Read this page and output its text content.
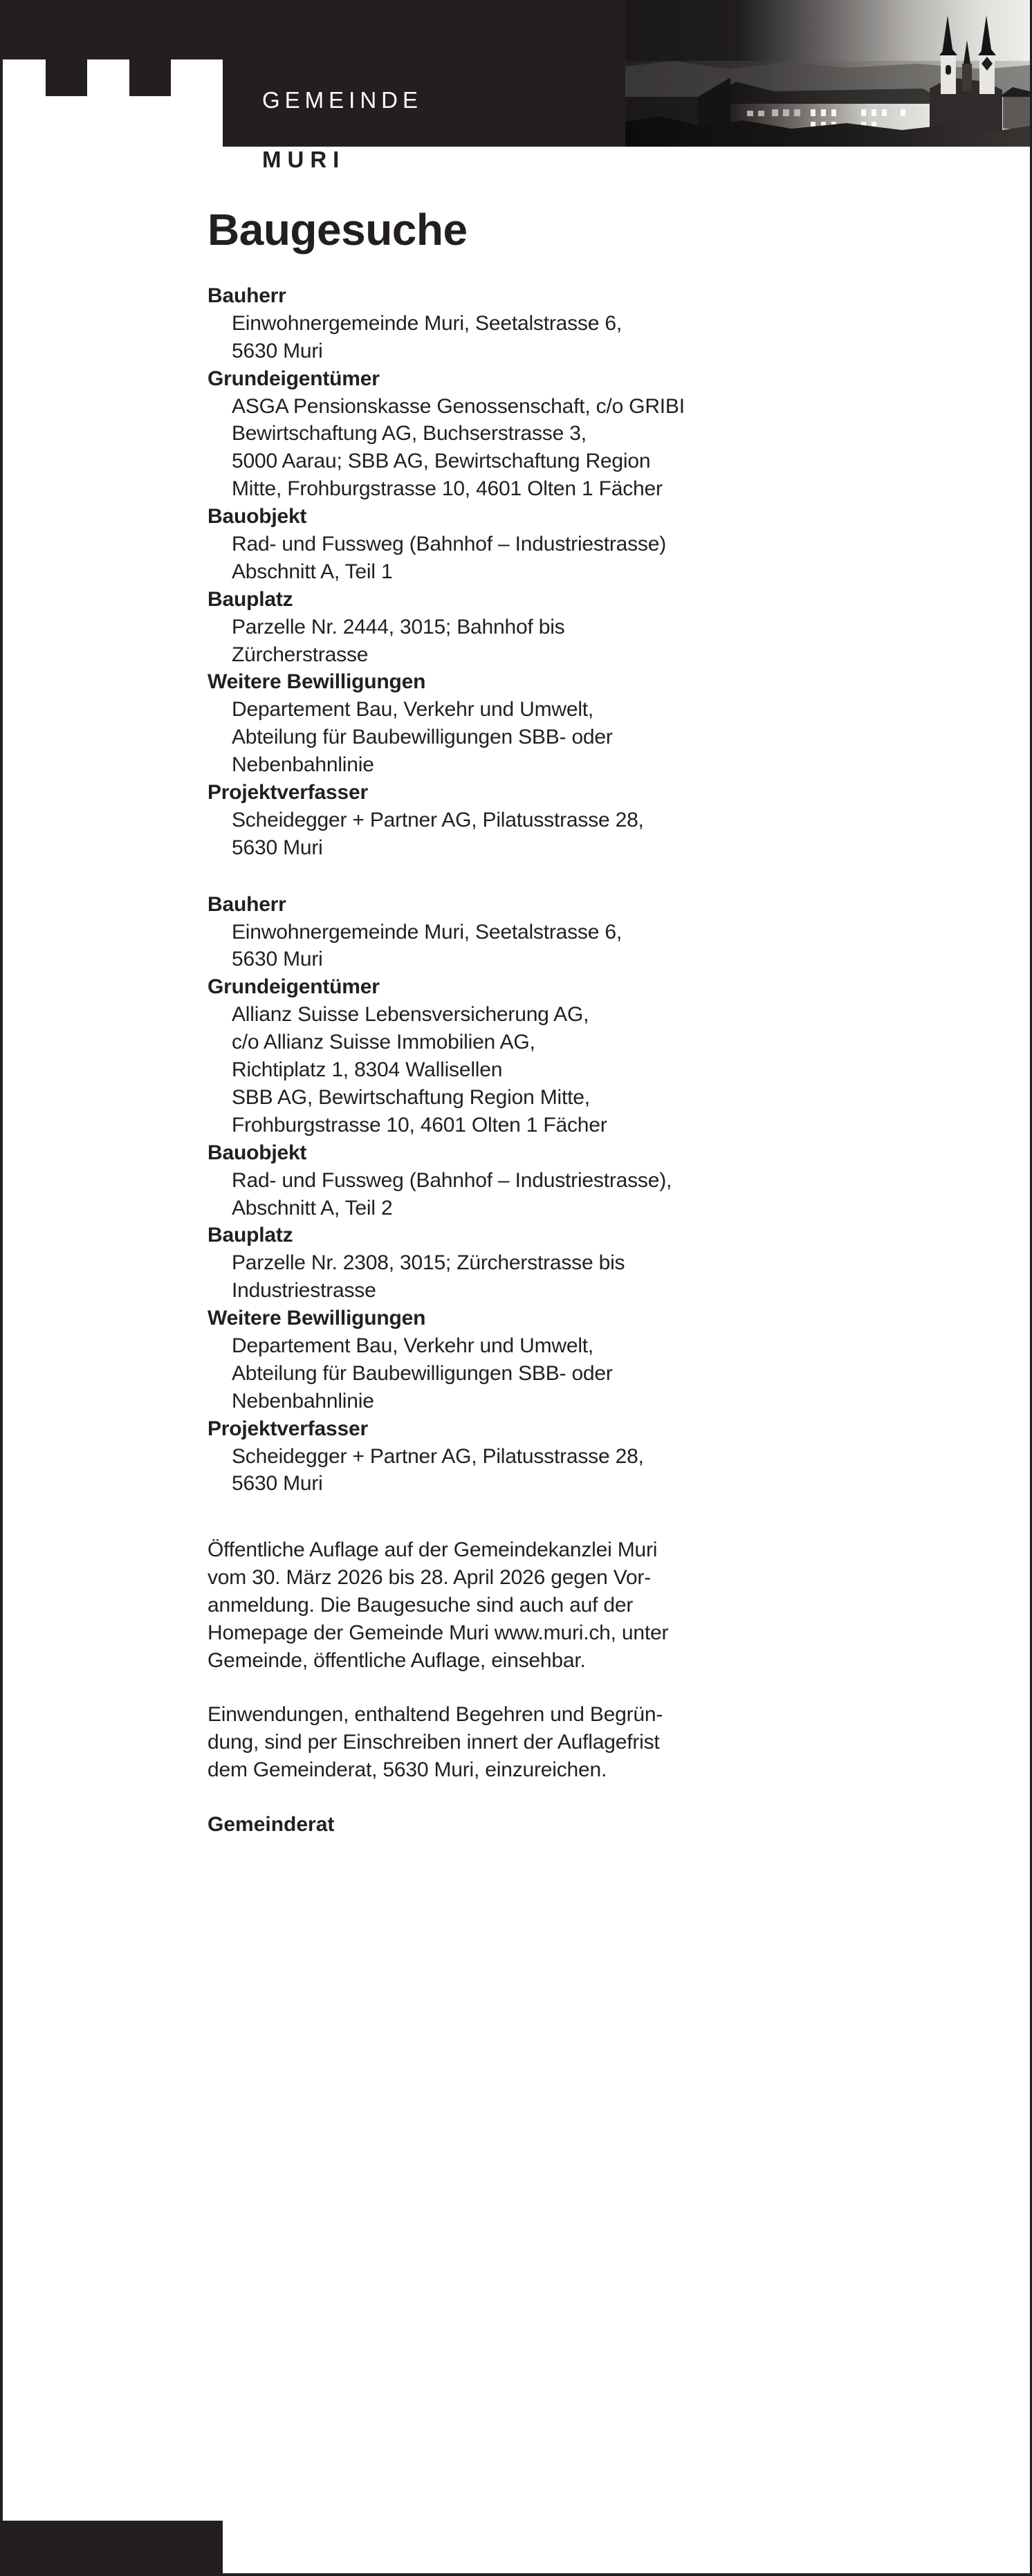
GEMEINDE
MURI
Baugesuche
Bauherr
Einwohnergemeinde Muri, Seetalstrasse 6,
5630 Muri
Grundeigentümer
ASGA Pensionskasse Genossenschaft, c/o GRIBI
Bewirtschaftung AG, Buchserstrasse 3,
5000 Aarau; SBB AG, Bewirtschaftung Region
Mitte, Frohburgstrasse 10, 4601 Olten 1 Fächer
Bauobjekt
Rad- und Fussweg (Bahnhof – Industriestrasse)
Abschnitt A, Teil 1
Bauplatz
Parzelle Nr. 2444, 3015; Bahnhof bis
Zürcherstrasse
Weitere Bewilligungen
Departement Bau, Verkehr und Umwelt,
Abteilung für Baubewilligungen SBB- oder
Nebenbahnlinie
Projektverfasser
Scheidegger + Partner AG, Pilatusstrasse 28,
5630 Muri
Bauherr
Einwohnergemeinde Muri, Seetalstrasse 6,
5630 Muri
Grundeigentümer
Allianz Suisse Lebensversicherung AG,
c/o Allianz Suisse Immobilien AG,
Richtiplatz 1, 8304 Wallisellen
SBB AG, Bewirtschaftung Region Mitte,
Frohburgstrasse 10, 4601 Olten 1 Fächer
Bauobjekt
Rad- und Fussweg (Bahnhof – Industriestrasse),
Abschnitt A, Teil 2
Bauplatz
Parzelle Nr. 2308, 3015; Zürcherstrasse bis
Industriestrasse
Weitere Bewilligungen
Departement Bau, Verkehr und Umwelt,
Abteilung für Baubewilligungen SBB- oder
Nebenbahnlinie
Projektverfasser
Scheidegger + Partner AG, Pilatusstrasse 28,
5630 Muri

Öffentliche Auflage auf der Gemeindekanzlei Muri
vom 30. März 2026 bis 28. April 2026 gegen Vor-
anmeldung. Die Baugesuche sind auch auf der
Homepage der Gemeinde Muri www.muri.ch, unter
Gemeinde, öffentliche Auflage, einsehbar.

Einwendungen, enthaltend Begehren und Begrün-
dung, sind per Einschreiben innert der Auflagefrist
dem Gemeinderat, 5630 Muri, einzureichen.

Gemeinderat
